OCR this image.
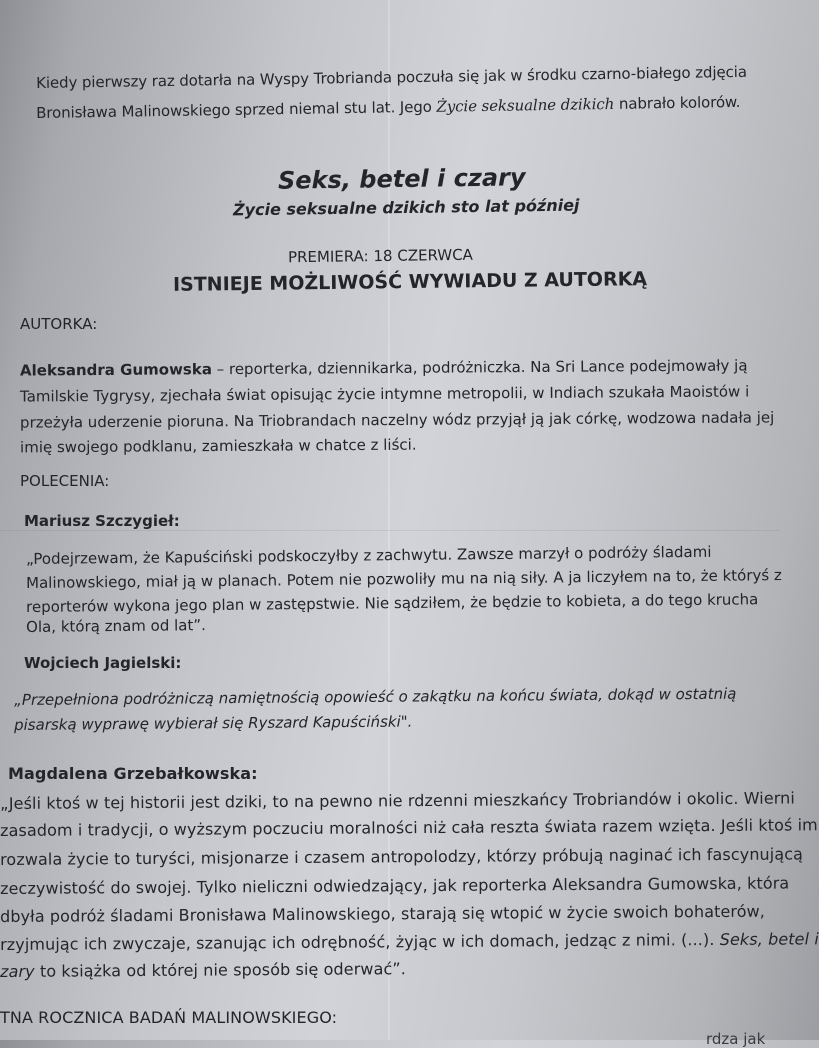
Kiedy pierwszy raz dotarła na Wyspy Trobrianda poczuła się jak w środku czarno-białego zdjęcia

Bronisława Malinowskiego sprzed niemal stu lat. Jego Życie seksualne dzikich nabrało kolorów.

Seks, betel i czary

Życie seksualne dzikich sto lat później

PREMIERA: 18 CZERWCA

ISTNIEJE MOŻLIWOŚĆ WYWIADU Z AUTORKĄ

AUTORKA:

Aleksandra Gumowska – reporterka, dziennikarka, podróżniczka. Na Sri Lance podejmowały ją

Tamilskie Tygrysy, zjechała świat opisując życie intymne metropolii, w Indiach szukała Maoistów i

przeżyła uderzenie pioruna. Na Triobrandach naczelny wódz przyjął ją jak córkę, wodzowa nadała jej

imię swojego podklanu, zamieszkała w chatce z liści.

POLECENIA:

Mariusz Szczygieł:

„Podejrzewam, że Kapuściński podskoczyłby z zachwytu. Zawsze marzył o podróży śladami

Malinowskiego, miał ją w planach. Potem nie pozwoliły mu na nią siły. A ja liczyłem na to, że któryś z

reporterów wykona jego plan w zastępstwie. Nie sądziłem, że będzie to kobieta, a do tego krucha

Ola, którą znam od lat”.

Wojciech Jagielski:

„Przepełniona podróżniczą namiętnością opowieść o zakątku na końcu świata, dokąd w ostatnią

pisarską wyprawę wybierał się Ryszard Kapuściński".

Magdalena Grzebałkowska:

„Jeśli ktoś w tej historii jest dziki, to na pewno nie rdzenni mieszkańcy Trobriandów i okolic. Wierni

zasadom i tradycji, o wyższym poczuciu moralności niż cała reszta świata razem wzięta. Jeśli ktoś im

rozwala życie to turyści, misjonarze i czasem antropolodzy, którzy próbują naginać ich fascynującą

zeczywistość do swojej. Tylko nieliczni odwiedzający, jak reporterka Aleksandra Gumowska, która

dbyła podróż śladami Bronisława Malinowskiego, starają się wtopić w życie swoich bohaterów,

rzyjmując ich zwyczaje, szanując ich odrębność, żyjąc w ich domach, jedząc z nimi. (...). Seks, betel i

zary to książka od której nie sposób się oderwać”.

TNA ROCZNICA BADAŃ MALINOWSKIEGO:

rdza jak
